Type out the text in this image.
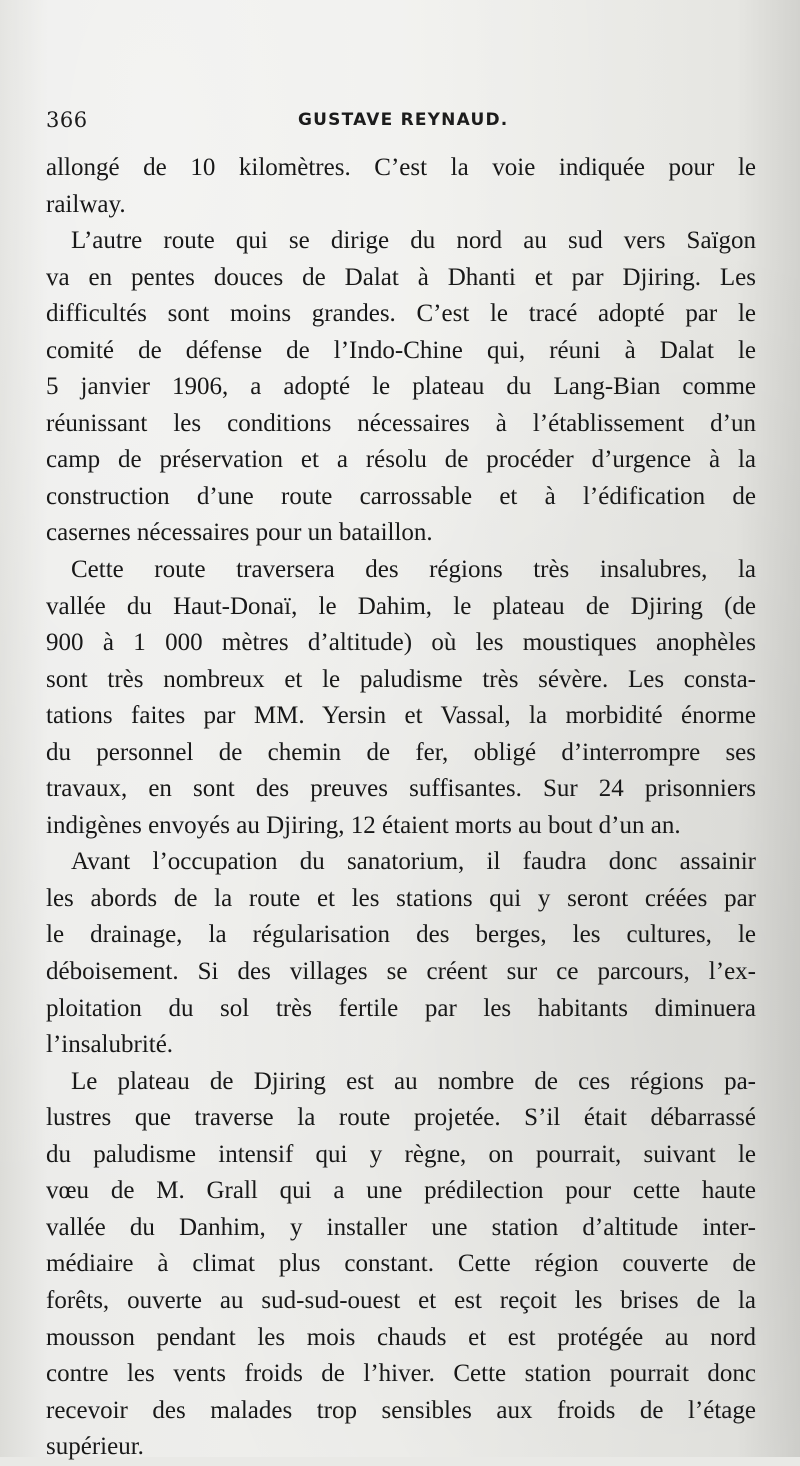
366	GUSTAVE REYNAUD.
allongé de 10 kilomètres. C’est la voie indiquée pour le
railway.
L’autre route qui se dirige du nord au sud vers Saïgon
va en pentes douces de Dalat à Dhanti et par Djiring. Les
difficultés sont moins grandes. C’est le tracé adopté par le
comité de défense de l’Indo-Chine qui, réuni à Dalat le
5 janvier 1906, a adopté le plateau du Lang-Bian comme
réunissant les conditions nécessaires à l’établissement d’un
camp de préservation et a résolu de procéder d’urgence à la
construction d’une route carrossable et à l’édification de
casernes nécessaires pour un bataillon.
Cette route traversera des régions très insalubres, la
vallée du Haut-Donaï, le Dahim, le plateau de Djiring (de
900 à 1 000 mètres d’altitude) où les moustiques anophèles
sont très nombreux et le paludisme très sévère. Les consta-
tations faites par MM. Yersin et Vassal, la morbidité énorme
du personnel de chemin de fer, obligé d’interrompre ses
travaux, en sont des preuves suffisantes. Sur 24 prisonniers
indigènes envoyés au Djiring, 12 étaient morts au bout d’un an.
Avant l’occupation du sanatorium, il faudra donc assainir
les abords de la route et les stations qui y seront créées par
le drainage, la régularisation des berges, les cultures, le
déboisement. Si des villages se créent sur ce parcours, l’ex-
ploitation du sol très fertile par les habitants diminuera
l’insalubrité.
Le plateau de Djiring est au nombre de ces régions pa-
lustres que traverse la route projetée. S’il était débarrassé
du paludisme intensif qui y règne, on pourrait, suivant le
vœu de M. Grall qui a une prédilection pour cette haute
vallée du Danhim, y installer une station d’altitude inter-
médiaire à climat plus constant. Cette région couverte de
forêts, ouverte au sud-sud-ouest et est reçoit les brises de la
mousson pendant les mois chauds et est protégée au nord
contre les vents froids de l’hiver. Cette station pourrait donc
recevoir des malades trop sensibles aux froids de l’étage
supérieur.
